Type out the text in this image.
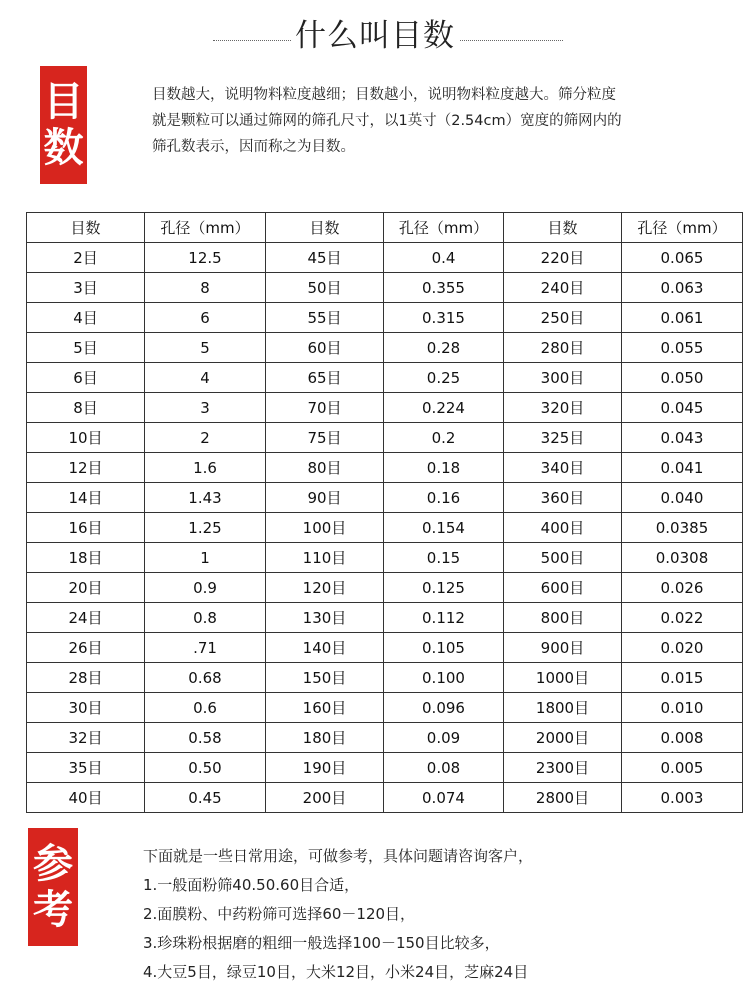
什么叫目数
目
数
目数越大，说明物料粒度越细；目数越小，说明物料粒度越大。筛分粒度
就是颗粒可以通过筛网的筛孔尺寸，以1英寸（2.54cm）宽度的筛网内的
筛孔数表示，因而称之为目数。
目数	孔径（mm）	目数	孔径（mm）	目数	孔径（mm）
2目	12.5	45目	0.4	220目	0.065
3目	8	50目	0.355	240目	0.063
4目	6	55目	0.315	250目	0.061
5目	5	60目	0.28	280目	0.055
6目	4	65目	0.25	300目	0.050
8目	3	70目	0.224	320目	0.045
10目	2	75目	0.2	325目	0.043
12目	1.6	80目	0.18	340目	0.041
14目	1.43	90目	0.16	360目	0.040
16目	1.25	100目	0.154	400目	0.0385
18目	1	110目	0.15	500目	0.0308
20目	0.9	120目	0.125	600目	0.026
24目	0.8	130目	0.112	800目	0.022
26目	.71	140目	0.105	900目	0.020
28目	0.68	150目	0.100	1000目	0.015
30目	0.6	160目	0.096	1800目	0.010
32目	0.58	180目	0.09	2000目	0.008
35目	0.50	190目	0.08	2300目	0.005
40目	0.45	200目	0.074	2800目	0.003
参
考
下面就是一些日常用途，可做参考，具体问题请咨询客户，
1.一般面粉筛40.50.60目合适，
2.面膜粉、中药粉筛可选择60－120目，
3.珍珠粉根据磨的粗细一般选择100－150目比较多，
4.大豆5目，绿豆10目，大米12目，小米24目，芝麻24目
